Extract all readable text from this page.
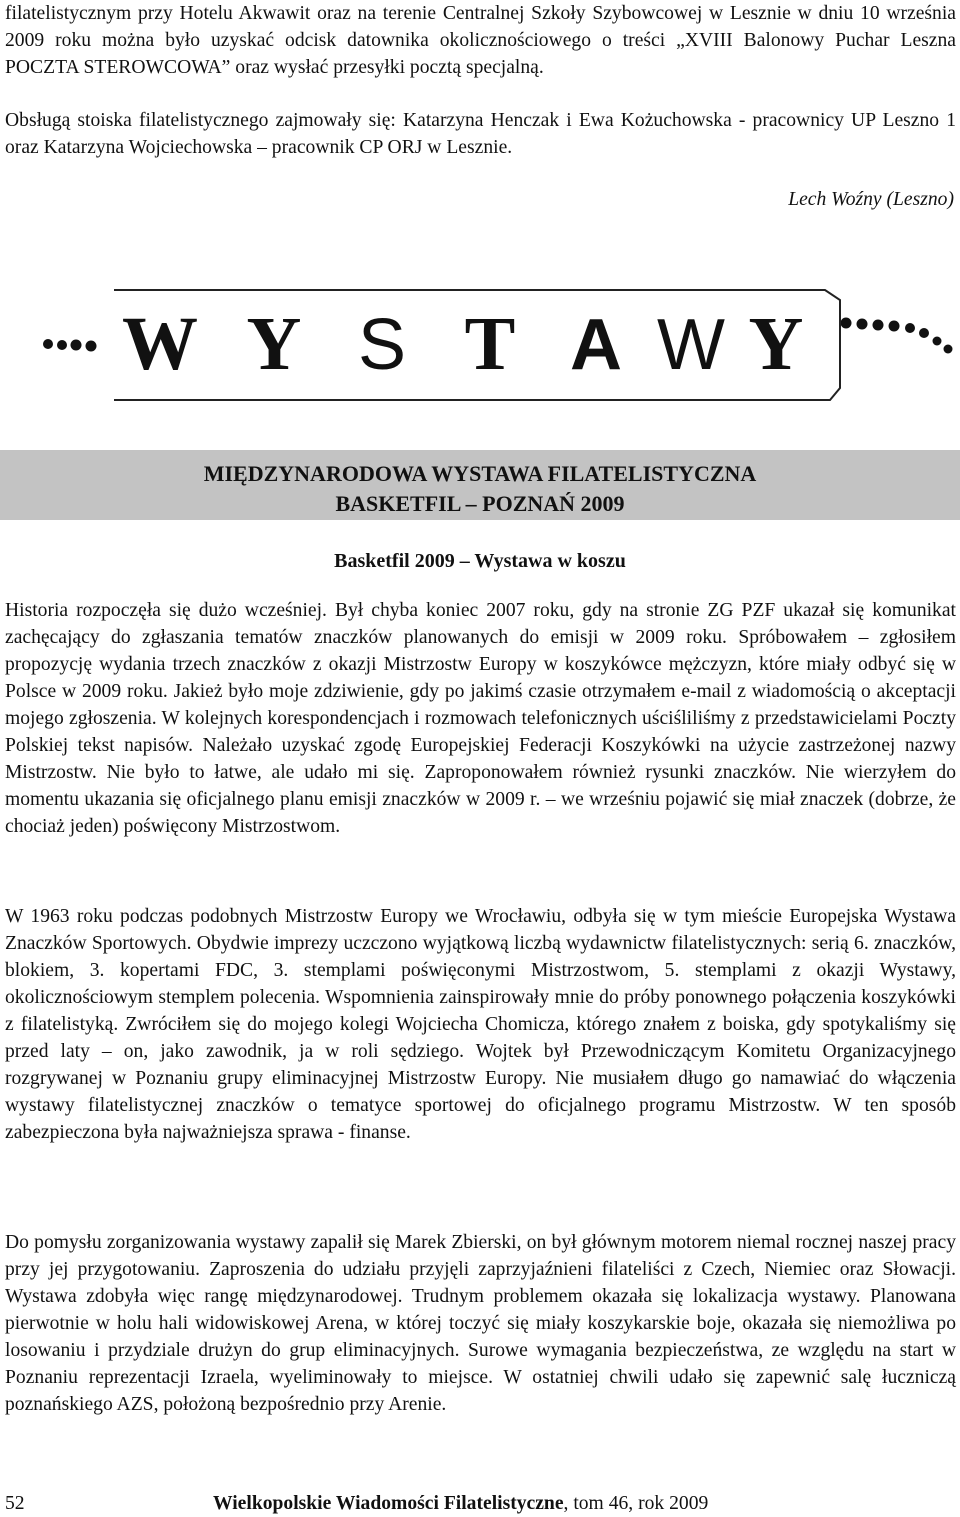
filatelistycznym przy Hotelu Akwawit oraz na terenie Centralnej Szkoły Szybowcowej w Lesznie w dniu 10 września 2009 roku można było uzyskać odcisk datownika okolicznościowego o treści „XVIII Balonowy Puchar Leszna POCZTA STEROWCOWA” oraz wysłać przesyłki pocztą specjalną.

Obsługą stoiska filatelistycznego zajmowały się: Katarzyna Henczak i Ewa Kożuchowska - pracownicy UP Leszno 1 oraz Katarzyna Wojciechowska – pracownik CP ORJ w Lesznie.

Lech Woźny (Leszno)

W Y S T A W Y
MIĘDZYNARODOWA WYSTAWA FILATELISTYCZNA
BASKETFIL – POZNAŃ 2009
Basketfil 2009 – Wystawa w koszu

Historia rozpoczęła się dużo wcześniej. Był chyba koniec 2007 roku, gdy na stronie ZG PZF ukazał się komunikat zachęcający do zgłaszania tematów znaczków planowanych do emisji w 2009 roku. Spróbowałem – zgłosiłem propozycję wydania trzech znaczków z okazji Mistrzostw Europy w koszykówce mężczyzn, które miały odbyć się w Polsce w 2009 roku. Jakież było moje zdziwienie, gdy po jakimś czasie otrzymałem e-mail z wiadomością o akceptacji mojego zgłoszenia. W kolejnych korespondencjach i rozmowach telefonicznych uściśliliśmy z przedstawicielami Poczty Polskiej tekst napisów. Należało uzyskać zgodę Europejskiej Federacji Koszykówki na użycie zastrzeżonej nazwy Mistrzostw. Nie było to łatwe, ale udało mi się. Zaproponowałem również rysunki znaczków. Nie wierzyłem do momentu ukazania się oficjalnego planu emisji znaczków w 2009 r. – we wrześniu pojawić się miał znaczek (dobrze, że chociaż jeden) poświęcony Mistrzostwom.

W 1963 roku podczas podobnych Mistrzostw Europy we Wrocławiu, odbyła się w tym mieście Europejska Wystawa Znaczków Sportowych. Obydwie imprezy uczczono wyjątkową liczbą wydawnictw filatelistycznych: serią 6. znaczków, blokiem, 3. kopertami FDC, 3. stemplami poświęconymi Mistrzostwom, 5. stemplami z okazji Wystawy, okolicznościowym stemplem polecenia. Wspomnienia zainspirowały mnie do próby ponownego połączenia koszykówki z filatelistyką. Zwróciłem się do mojego kolegi Wojciecha Chomicza, którego znałem z boiska, gdy spotykaliśmy się przed laty – on, jako zawodnik, ja w roli sędziego. Wojtek był Przewodniczącym Komitetu Organizacyjnego rozgrywanej w Poznaniu grupy eliminacyjnej Mistrzostw Europy. Nie musiałem długo go namawiać do włączenia wystawy filatelistycznej znaczków o tematyce sportowej do oficjalnego programu Mistrzostw. W ten sposób zabezpieczona była najważniejsza sprawa - finanse.

Do pomysłu zorganizowania wystawy zapalił się Marek Zbierski, on był głównym motorem niemal rocznej naszej pracy przy jej przygotowaniu. Zaproszenia do udziału przyjęli zaprzyjaźnieni filateliści z Czech, Niemiec oraz Słowacji. Wystawa zdobyła więc rangę międzynarodowej. Trudnym problemem okazała się lokalizacja wystawy. Planowana pierwotnie w holu hali widowiskowej Arena, w której toczyć się miały koszykarskie boje, okazała się niemożliwa po losowaniu i przydziale drużyn do grup eliminacyjnych. Surowe wymagania bezpieczeństwa, ze względu na start w Poznaniu reprezentacji Izraela, wyeliminowały to miejsce. W ostatniej chwili udało się zapewnić salę łuczniczą poznańskiego AZS, położoną bezpośrednio przy Arenie.

52	Wielkopolskie Wiadomości Filatelistyczne, tom 46, rok 2009
